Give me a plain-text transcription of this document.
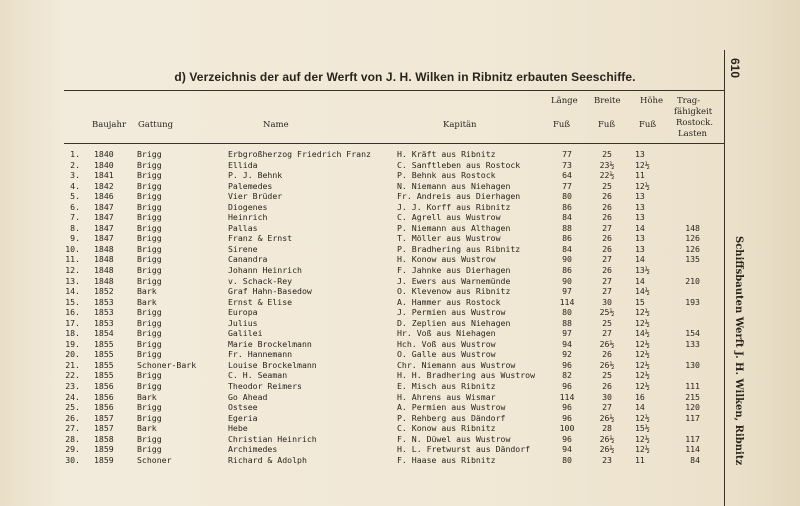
d) Verzeichnis der auf der Werft von J. H. Wilken in Ribnitz erbauten Seeschiffe.	610
Länge Breite Höhe Trag-
fähigkeit
Rostock.
Lasten
Baujahr Gattung	Name	Kapitän	Fuß	Fuß	Fuß
1. 1840	Brigg	Erbgroßherzog Friedrich Franz	H. Kräft aus Ribnitz	77	25	13
2. 1840	Brigg	Ellida	C. Sanftleben aus Rostock	73	23½	12½
3. 1841	Brigg	P. J. Behnk	P. Behnk aus Rostock	64	22½	11
4. 1842	Brigg	Palemedes	N. Niemann aus Niehagen	77	25	12½
5. 1846	Brigg	Vier Brüder	Fr. Andreis aus Dierhagen	80	26	13
6. 1847	Brigg	Diogenes	J. J. Korff aus Ribnitz	86	26	13
7. 1847	Brigg	Heinrich	C. Agrell aus Wustrow	84	26	13
8. 1847	Brigg	Pallas	P. Niemann aus Althagen	88	27	14	148
9. 1847	Brigg	Franz & Ernst	T. Möller aus Wustrow	86	26	13	126
10. 1848	Brigg	Sirene	P. Bradhering aus Ribnitz	84	26	13	126
11. 1848	Brigg	Canandra	H. Konow aus Wustrow	90	27	14	135
12. 1848	Brigg	Johann Heinrich	F. Jahnke aus Dierhagen	86	26	13½
13. 1848	Brigg	v. Schack-Rey	J. Ewers aus Warnemünde	90	27	14	210
14. 1852	Bark	Graf Hahn-Basedow	O. Klevenow aus Ribnitz	97	27	14½
15. 1853	Bark	Ernst & Elise	A. Hammer aus Rostock	114	30	15	193
16. 1853	Brigg	Europa	J. Permien aus Wustrow	80	25½	12½
17. 1853	Brigg	Julius	D. Zeplien aus Niehagen	88	25	12½
18. 1854	Brigg	Galilei	Hr. Voß aus Niehagen	97	27	14½	154
19. 1855	Brigg	Marie Brockelmann	Hch. Voß aus Wustrow	94	26½	12½	133
20. 1855	Brigg	Fr. Hannemann	O. Galle aus Wustrow	92	26	12½
21. 1855	Schoner-Bark	Louise Brockelmann	Chr. Niemann aus Wustrow	96	26½	12½	130
22. 1855	Brigg	C. H. Seaman	H. H. Bradhering aus Wustrow	82	25	12½
23. 1856	Brigg	Theodor Reimers	E. Misch aus Ribnitz	96	26	12½	111
24. 1856	Bark	Go Ahead	H. Ahrens aus Wismar	114	30	16	215
25. 1856	Brigg	Ostsee	A. Permien aus Wustrow	96	27	14	120
26. 1857	Brigg	Egeria	P. Rehberg aus Dändorf	96	26½	12½	117
27. 1857	Bark	Hebe	C. Konow aus Ribnitz	100	28	15½
28. 1858	Brigg	Christian Heinrich	F. N. Düwel aus Wustrow	96	26½	12½	117
29. 1859	Brigg	Archimedes	H. L. Fretwurst aus Dändorf	94	26½	12½	114
30. 1859	Schoner	Richard & Adolph	F. Haase aus Ribnitz	80	23	11	84	Schiffsbauten Werft J. H. Wilken, Ribnitz
